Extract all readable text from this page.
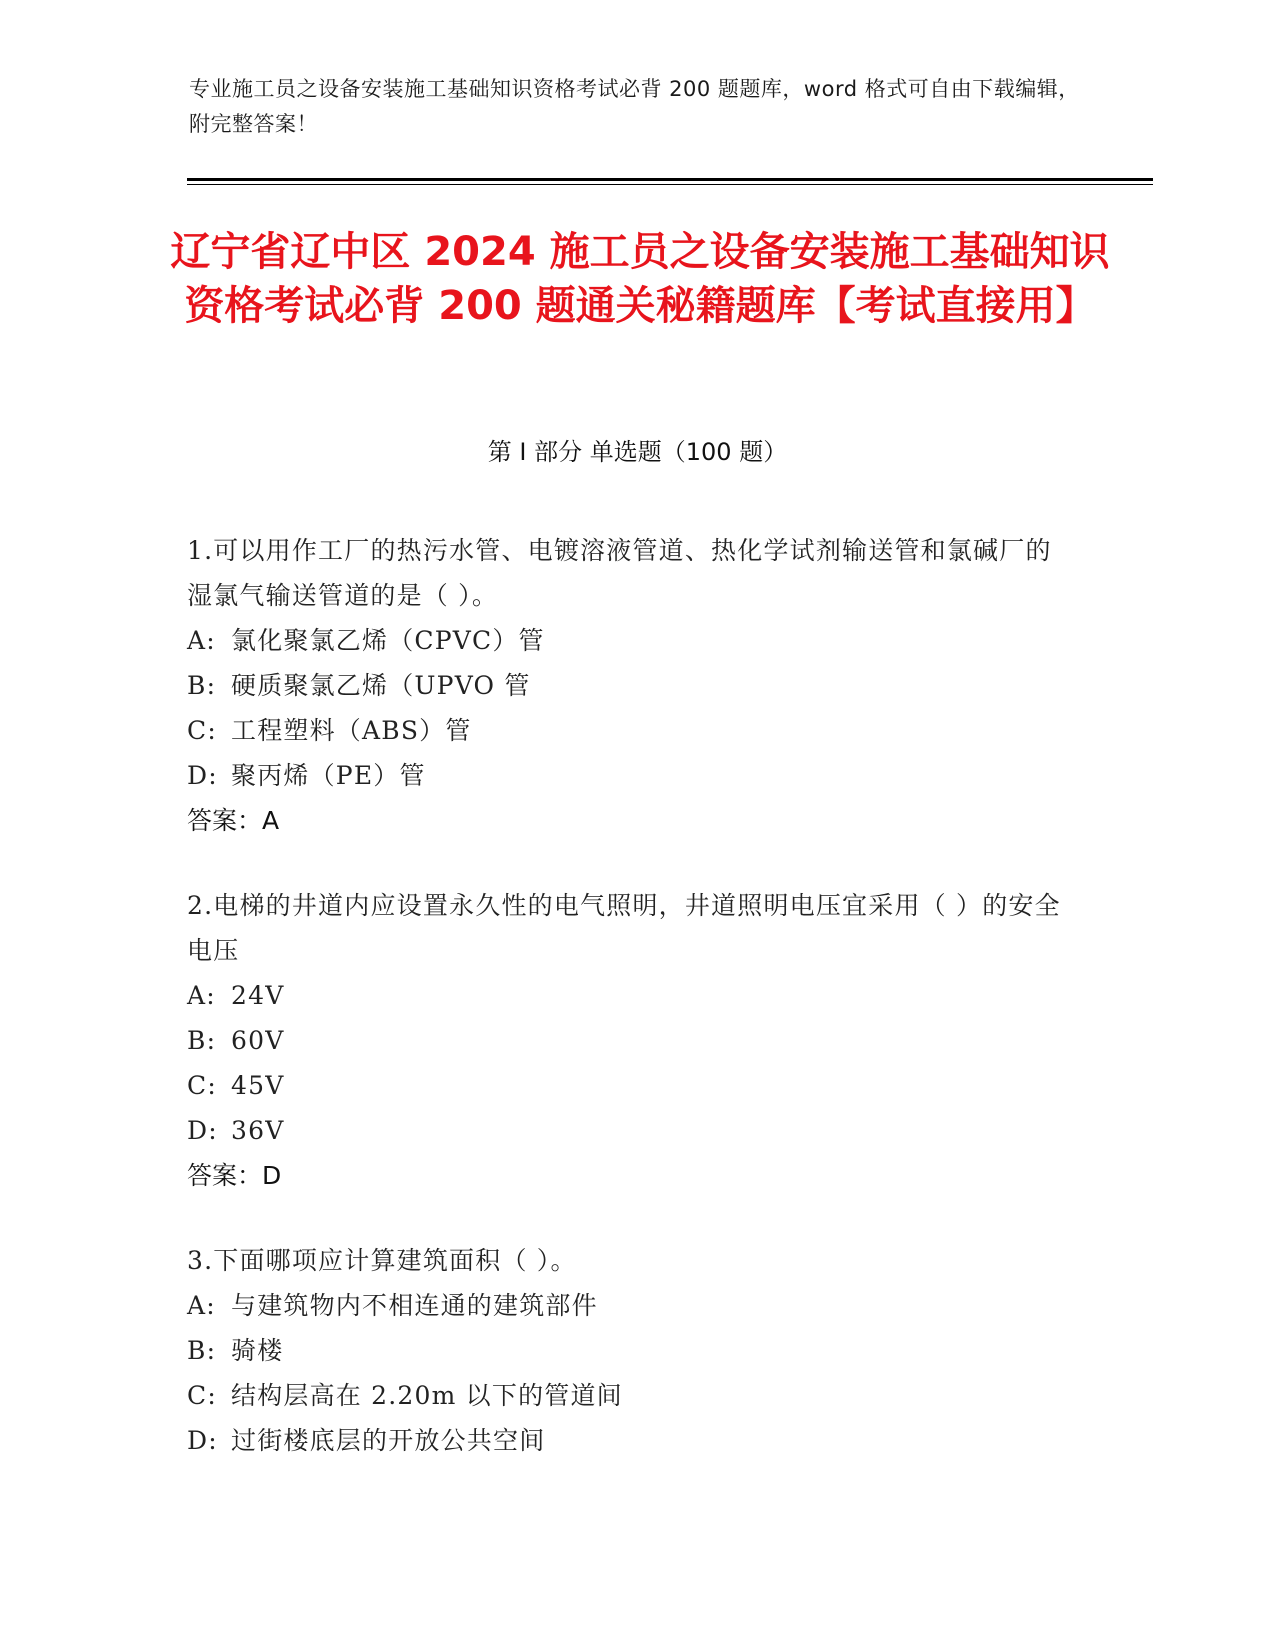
专业施工员之设备安装施工基础知识资格考试必背 200 题题库，word 格式可自由下载编辑，附完整答案！
辽宁省辽中区 2024 施工员之设备安装施工基础知识资格考试必背 200 题通关秘籍题库【考试直接用】
第 I 部分 单选题（100 题）
1.可以用作工厂的热污水管、电镀溶液管道、热化学试剂输送管和氯碱厂的湿氯气输送管道的是（ ）。
A: 氯化聚氯乙烯（CPVC）管
B: 硬质聚氯乙烯（UPVO 管
C: 工程塑料（ABS）管
D: 聚丙烯（PE）管
答案：A
2.电梯的井道内应设置永久性的电气照明，井道照明电压宜采用（ ）的安全电压
A: 24V
B: 60V
C: 45V
D: 36V
答案：D
3.下面哪项应计算建筑面积（ ）。
A: 与建筑物内不相连通的建筑部件
B: 骑楼
C: 结构层高在 2.20m 以下的管道间
D: 过街楼底层的开放公共空间
